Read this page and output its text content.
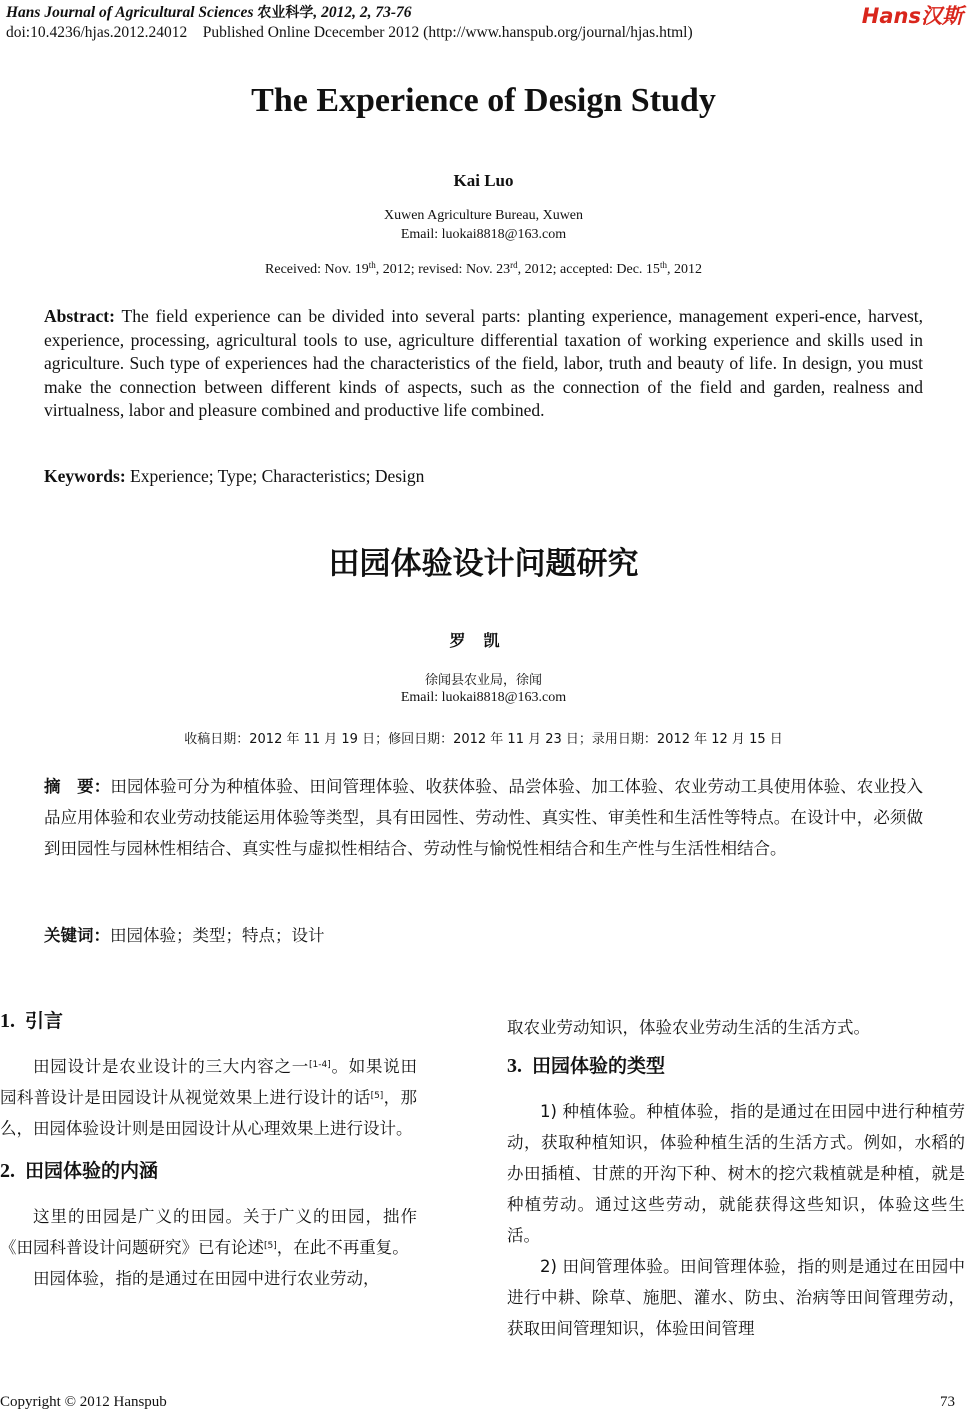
Hans Journal of Agricultural Sciences 农业科学, 2012, 2, 73-76
doi:10.4236/hjas.2012.24012    Published Online Dcecember 2012 (http://www.hanspub.org/journal/hjas.html)
Hans汉斯
The Experience of Design Study
Kai Luo
Xuwen Agriculture Bureau, Xuwen
Email: luokai8818@163.com
Received: Nov. 19th, 2012; revised: Nov. 23rd, 2012; accepted: Dec. 15th, 2012
Abstract: The field experience can be divided into several parts: planting experience, management experi-ence, harvest, experience, processing, agricultural tools to use, agriculture differential taxation of working experience and skills used in agriculture. Such type of experiences had the characteristics of the field, labor, truth and beauty of life. In design, you must make the connection between different kinds of aspects, such as the connection of the field and garden, realness and virtualness, labor and pleasure combined and productive life combined.
Keywords: Experience; Type; Characteristics; Design
田园体验设计问题研究
罗凯
徐闻县农业局，徐闻
Email: luokai8818@163.com
收稿日期：2012 年 11 月 19 日；修回日期：2012 年 11 月 23 日；录用日期：2012 年 12 月 15 日
摘　要：田园体验可分为种植体验、田间管理体验、收获体验、品尝体验、加工体验、农业劳动工具使用体验、农业投入品应用体验和农业劳动技能运用体验等类型，具有田园性、劳动性、真实性、审美性和生活性等特点。在设计中，必须做到田园性与园林性相结合、真实性与虚拟性相结合、劳动性与愉悦性相结合和生产性与生活性相结合。
关键词：田园体验；类型；特点；设计

1. 引言

田园设计是农业设计的三大内容之一[1-4]。如果说田园科普设计是田园设计从视觉效果上进行设计的话[5]，那么，田园体验设计则是田园设计从心理效果上进行设计。

2. 田园体验的内涵

这里的田园是广义的田园。关于广义的田园，拙作《田园科普设计问题研究》已有论述[5]，在此不再重复。

田园体验，指的是通过在田园中进行农业劳动，

取农业劳动知识，体验农业劳动生活的生活方式。

3. 田园体验的类型

1) 种植体验。种植体验，指的是通过在田园中进行种植劳动，获取种植知识，体验种植生活的生活方式。例如，水稻的办田插植、甘蔗的开沟下种、树木的挖穴栽植就是种植，就是种植劳动。通过这些劳动，就能获得这些知识，体验这些生活。

2) 田间管理体验。田间管理体验，指的则是通过在田园中进行中耕、除草、施肥、灌水、防虫、治病等田间管理劳动，获取田间管理知识，体验田间管理

Copyright © 2012 Hanspub	73
